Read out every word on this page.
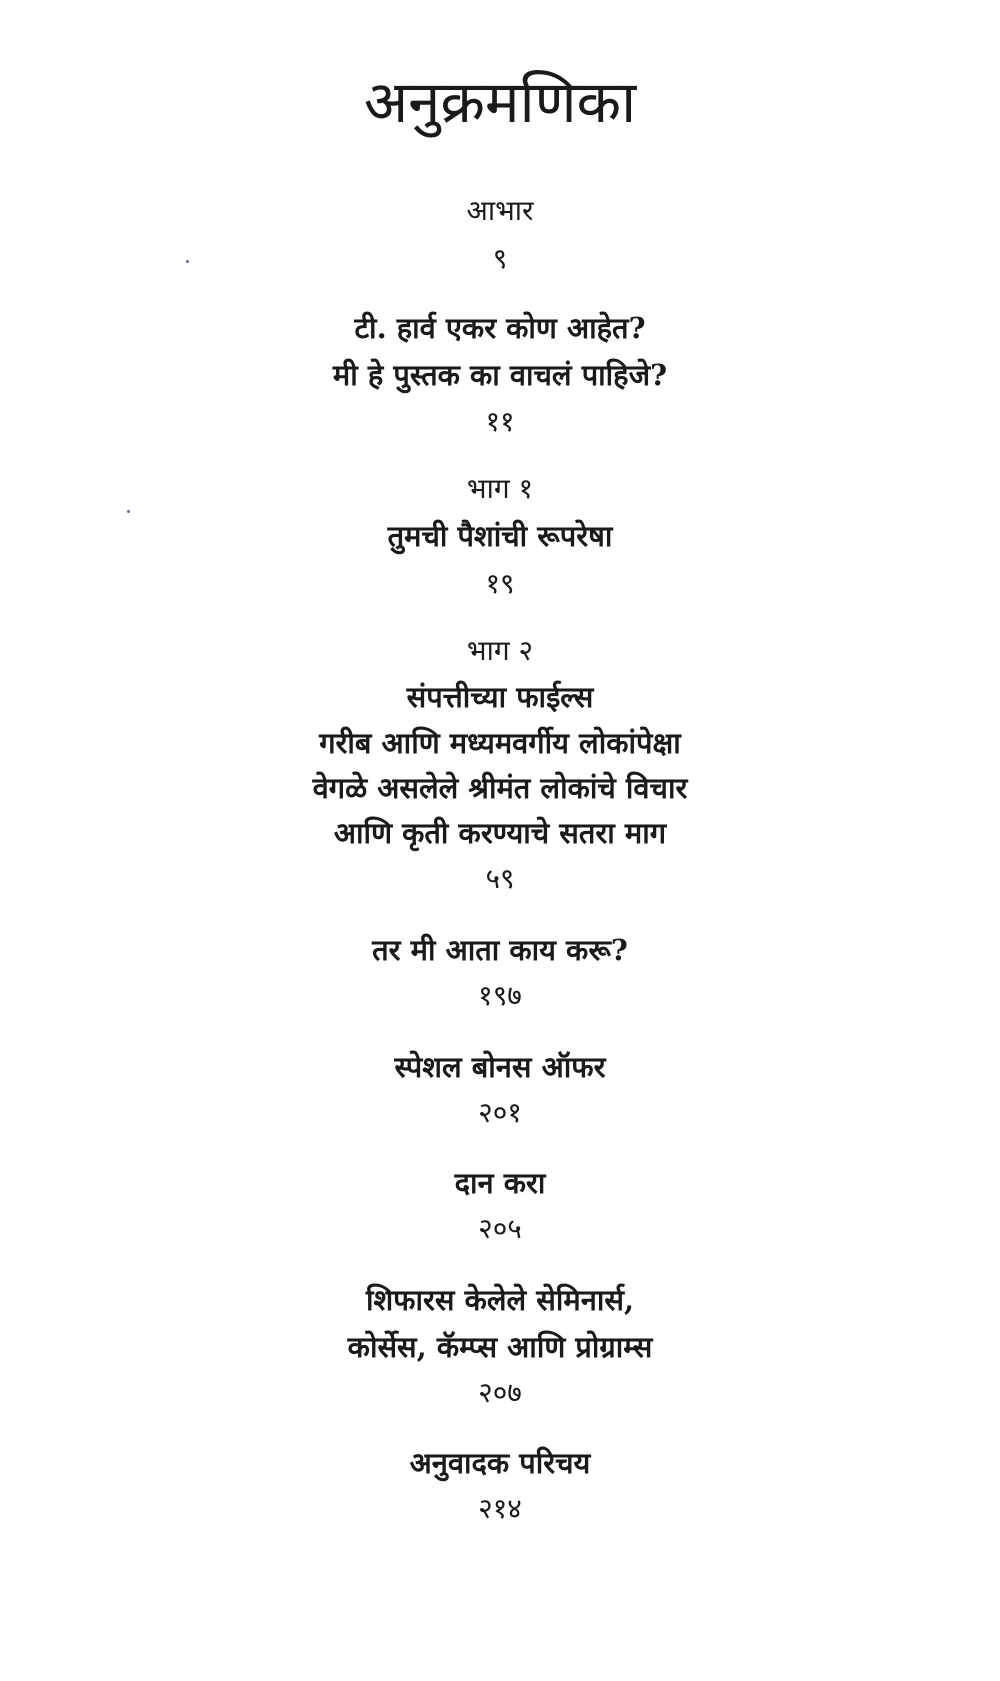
अनुक्रमणिका

आभार

९

टी. हार्व एकर कोण आहेत?

मी हे पुस्तक का वाचलं पाहिजे?

११

भाग १

तुमची पैशांची रूपरेषा

१९

भाग २

संपत्तीच्या फाईल्स

गरीब आणि मध्यमवर्गीय लोकांपेक्षा

वेगळे असलेले श्रीमंत लोकांचे विचार

आणि कृती करण्याचे सतरा माग

५९

तर मी आता काय करू?

१९७

स्पेशल बोनस ऑफर

२०१

दान करा

२०५

शिफारस केलेले सेमिनार्स,

कोर्सेस, कॅम्प्स आणि प्रोग्राम्स

२०७

अनुवादक परिचय

२१४
